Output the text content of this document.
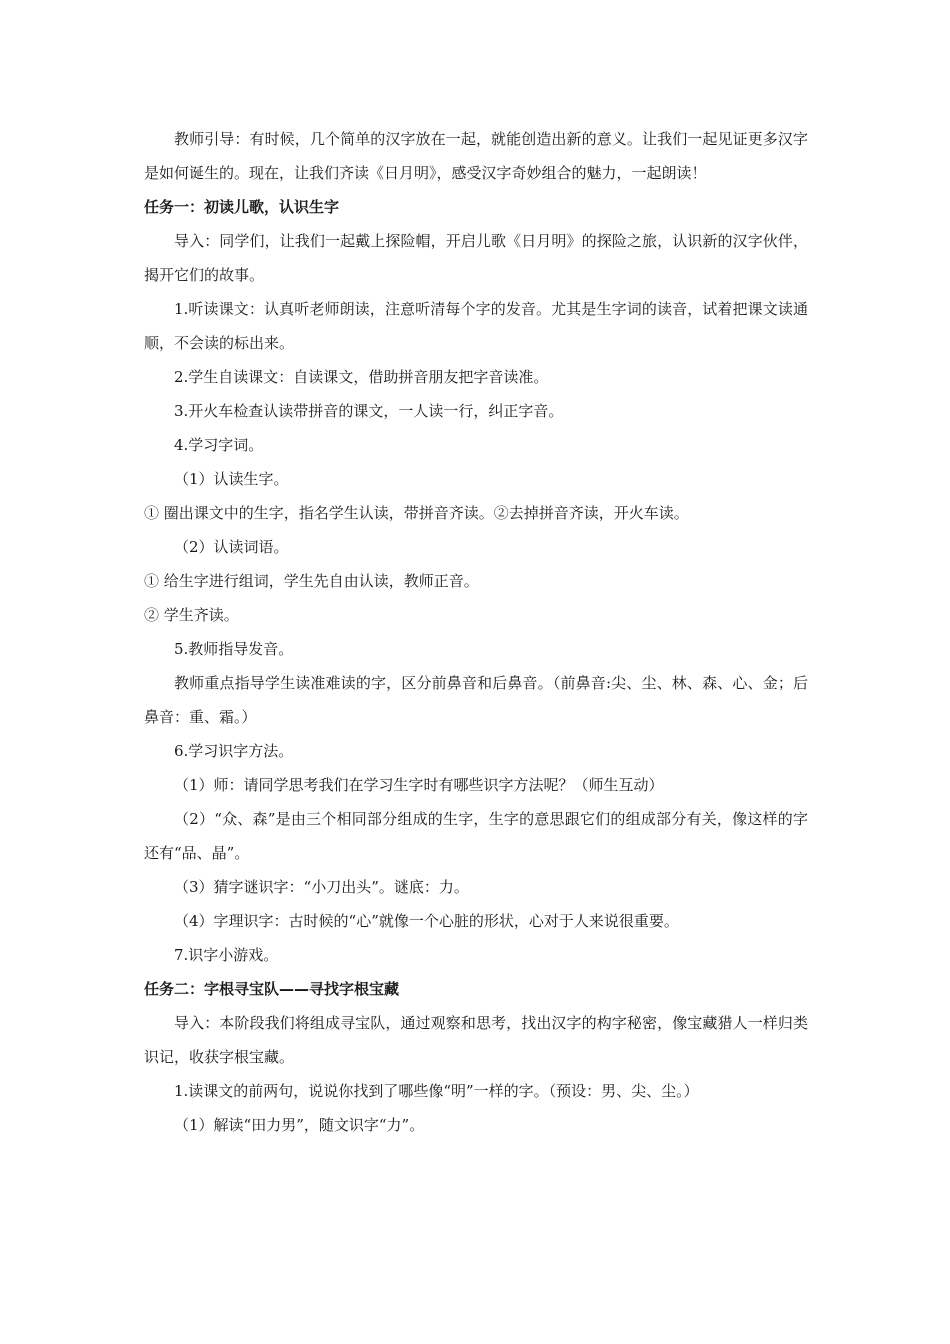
教师引导：有时候，几个简单的汉字放在一起，就能创造出新的意义。让我们一起见证更多汉字是如何诞生的。现在，让我们齐读《日月明》，感受汉字奇妙组合的魅力，一起朗读！

任务一：初读儿歌，认识生字

导入：同学们，让我们一起戴上探险帽，开启儿歌《日月明》的探险之旅，认识新的汉字伙伴，揭开它们的故事。

1.听读课文：认真听老师朗读，注意听清每个字的发音。尤其是生字词的读音，试着把课文读通顺，不会读的标出来。

2.学生自读课文：自读课文，借助拼音朋友把字音读准。

3.开火车检查认读带拼音的课文，一人读一行，纠正字音。

4.学习字词。

（1）认读生字。

① 圈出课文中的生字，指名学生认读，带拼音齐读。②去掉拼音齐读，开火车读。

（2）认读词语。

① 给生字进行组词，学生先自由认读，教师正音。

② 学生齐读。

5.教师指导发音。

教师重点指导学生读准难读的字，区分前鼻音和后鼻音。（前鼻音:尖、尘、林、森、心、金；后鼻音：重、霜。）

6.学习识字方法。

（1）师：请同学思考我们在学习生字时有哪些识字方法呢？（师生互动）

（2）“众、森”是由三个相同部分组成的生字，生字的意思跟它们的组成部分有关，像这样的字还有“品、晶”。

（3）猜字谜识字：“小刀出头”。谜底：力。

（4）字理识字：古时候的“心”就像一个心脏的形状，心对于人来说很重要。

7.识字小游戏。

任务二：字根寻宝队——寻找字根宝藏

导入：本阶段我们将组成寻宝队，通过观察和思考，找出汉字的构字秘密，像宝藏猎人一样归类识记，收获字根宝藏。

1.读课文的前两句，说说你找到了哪些像“明”一样的字。（预设：男、尖、尘。）

（1）解读“田力男”，随文识字“力”。
